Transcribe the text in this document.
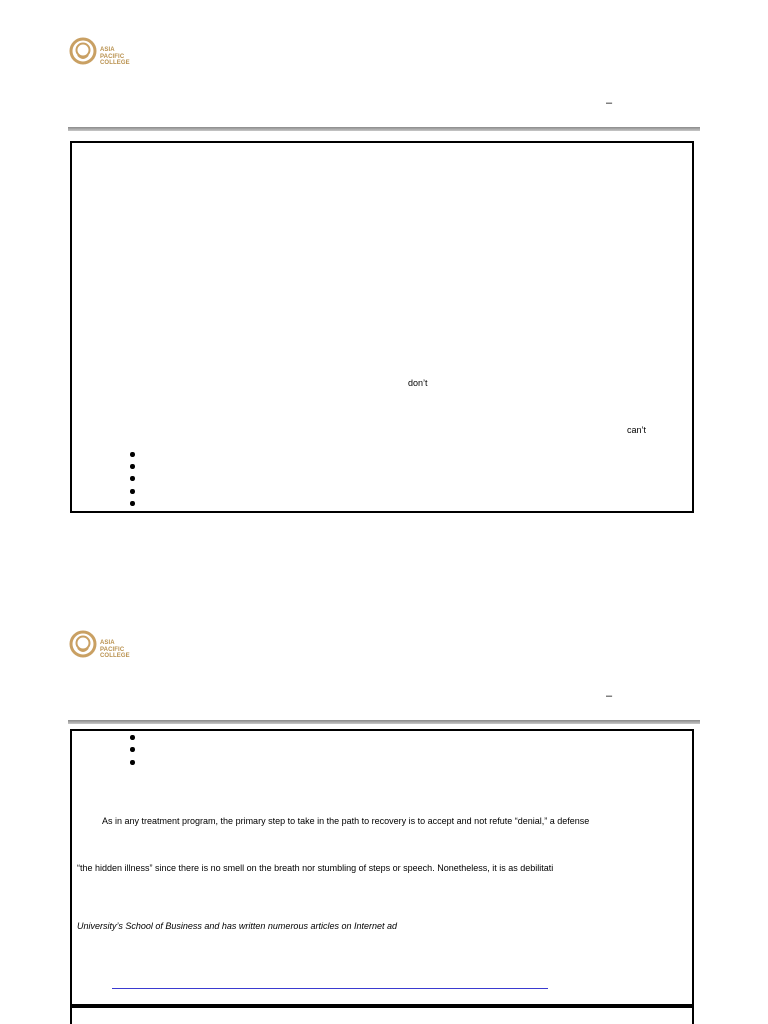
ASIA
PACIFIC
COLLEGE
–
don’t
can’t
ASIA
PACIFIC
COLLEGE
–
As in any treatment program, the primary step to take in the path to recovery is to accept and not refute “denial,” a defense
“the hidden illness” since there is no smell on the breath nor stumbling of steps or speech. Nonetheless, it is as debilitati
University’s School of Business and has written numerous articles on Internet ad
